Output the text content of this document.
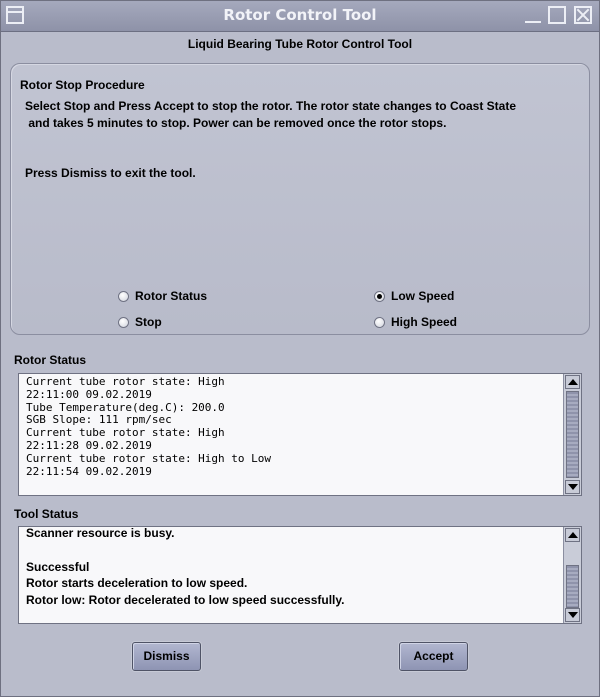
Rotor Control Tool
Liquid Bearing Tube Rotor Control Tool
Rotor Stop Procedure
Select Stop and Press Accept to stop the rotor. The rotor state changes to Coast State
and takes 5 minutes to stop. Power can be removed once the rotor stops.
Press Dismiss to exit the tool.
Rotor Status
Stop
Low Speed
High Speed
Rotor Status
Current tube rotor state: High
22:11:00 09.02.2019
Tube Temperature(deg.C): 200.0
SGB Slope: 111 rpm/sec
Current tube rotor state: High
22:11:28 09.02.2019
Current tube rotor state: High to Low
22:11:54 09.02.2019
Tool Status
Scanner resource is busy.
Successful
Rotor starts deceleration to low speed.
Rotor low: Rotor decelerated to low speed successfully.
Dismiss	Accept
